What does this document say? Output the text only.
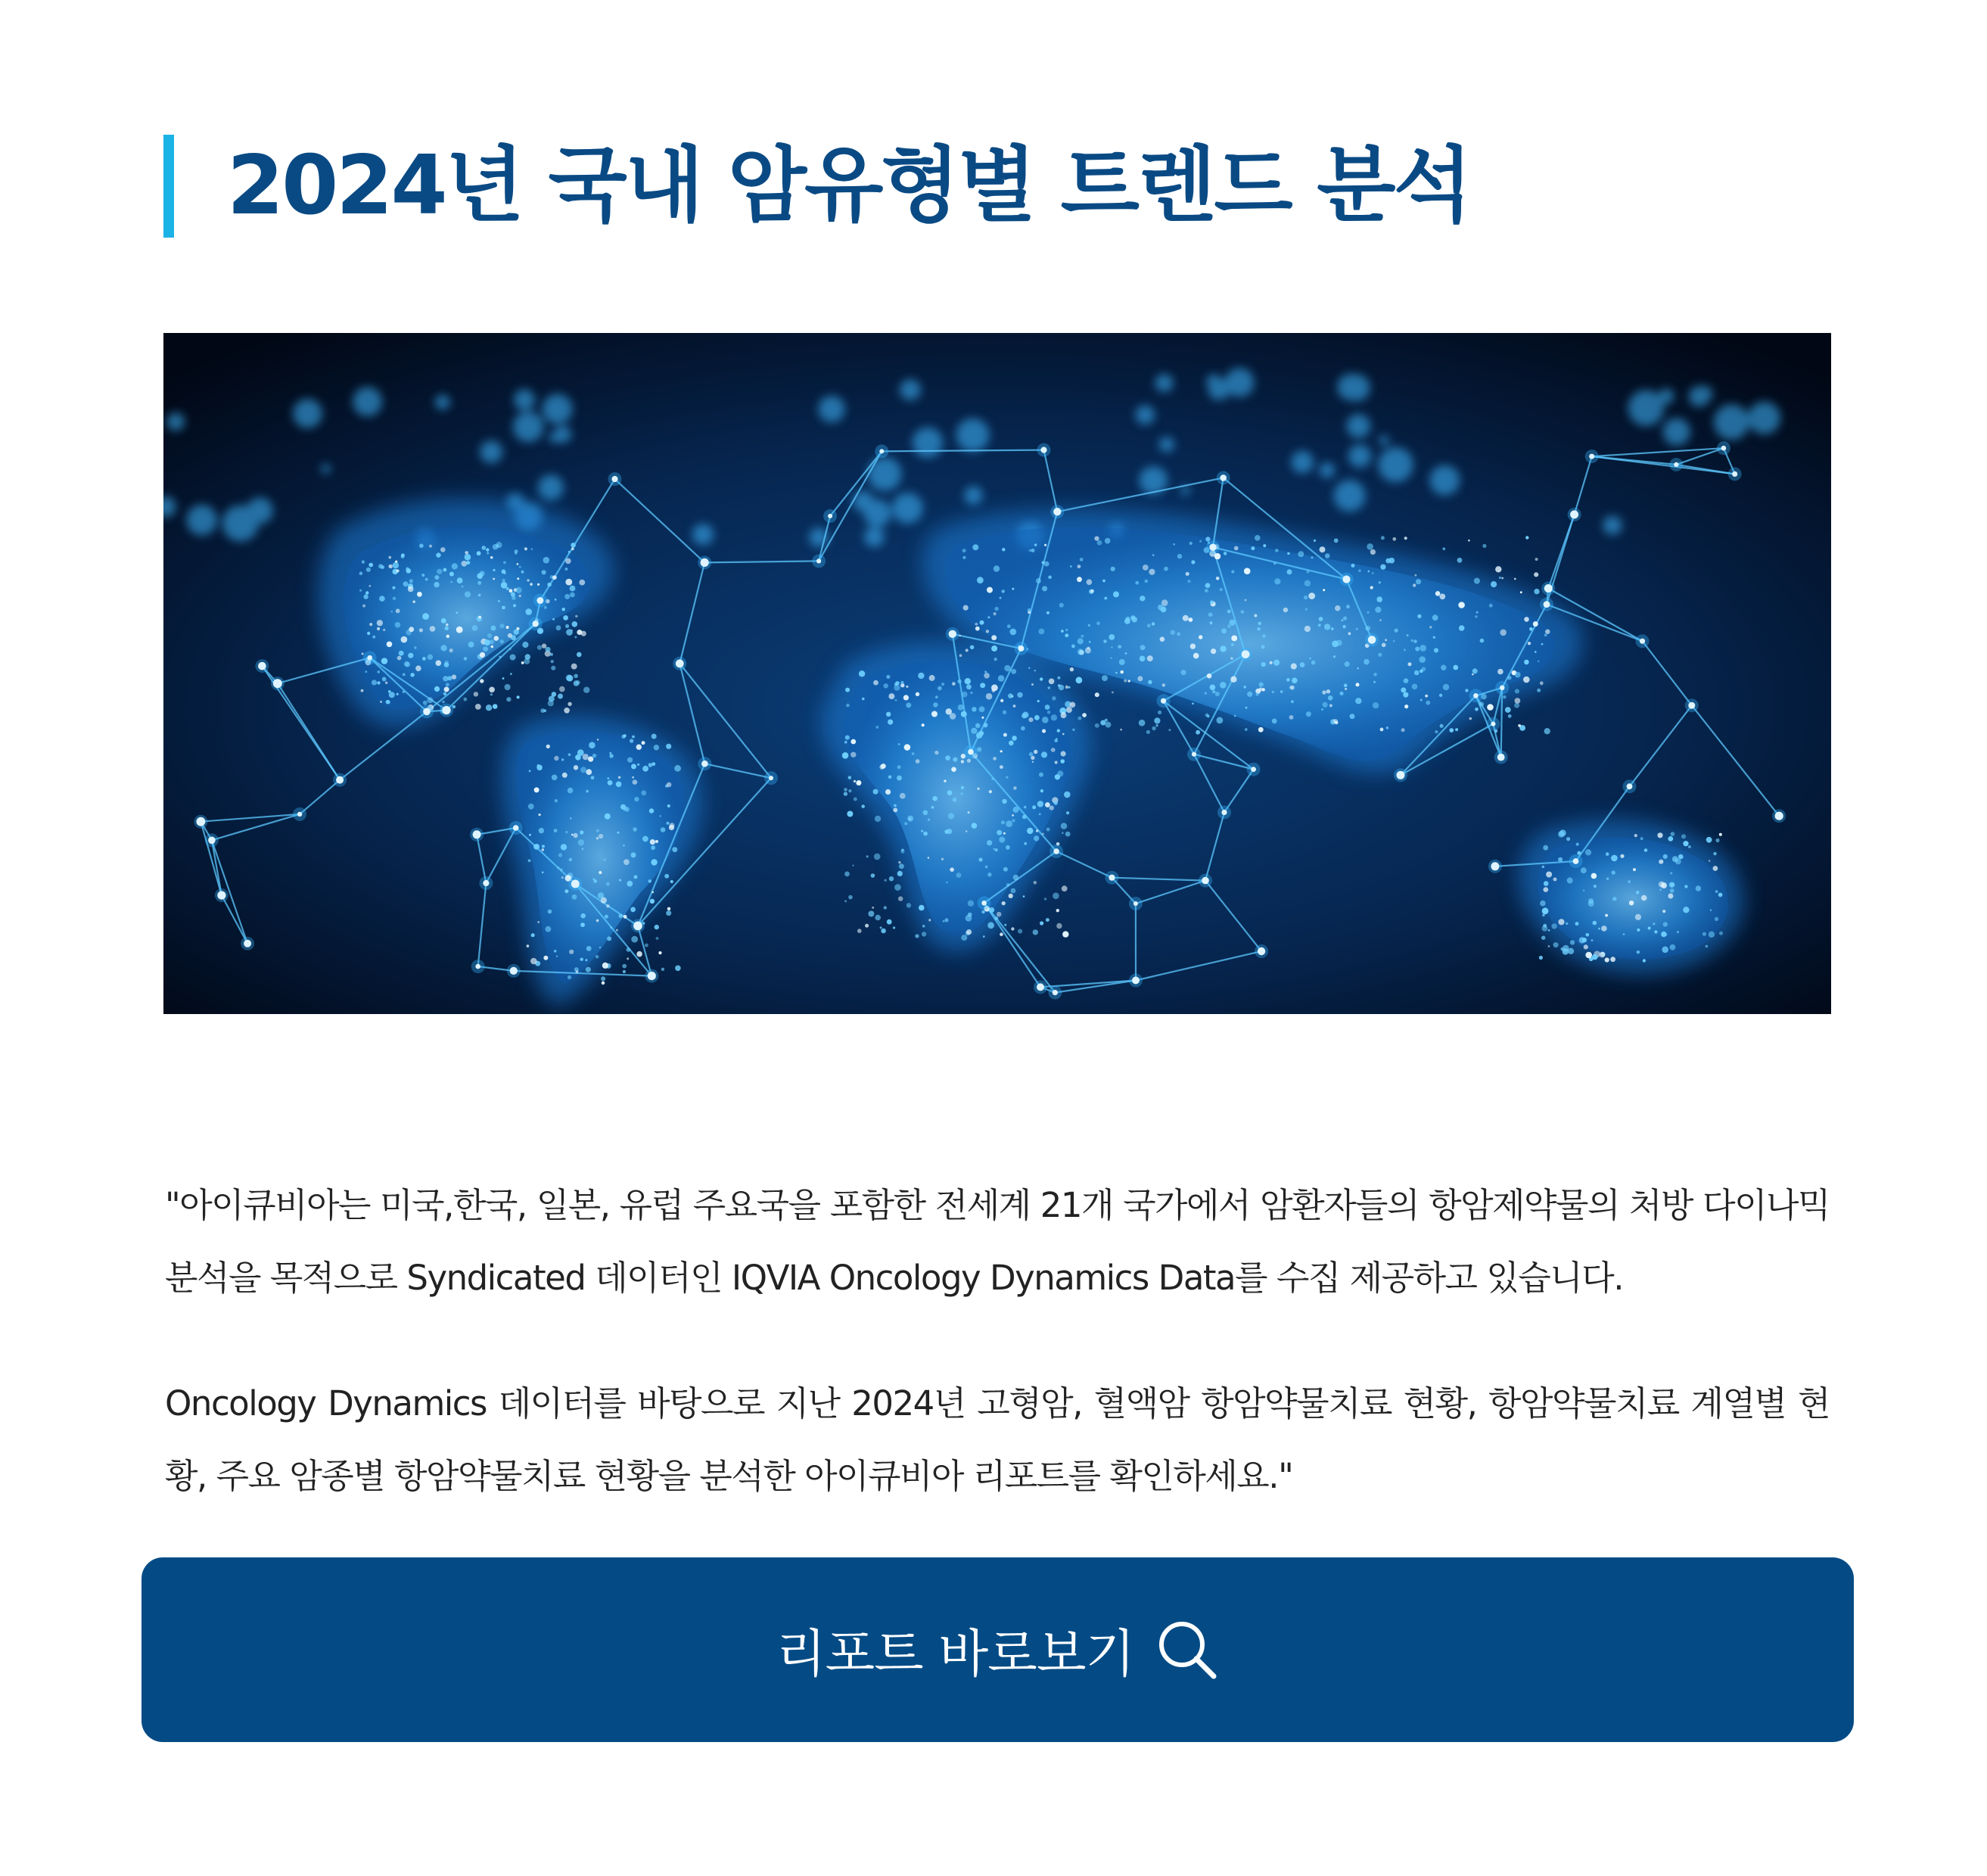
2024년 국내 암유형별 트렌드 분석

"아이큐비아는 미국,한국, 일본, 유럽 주요국을 포함한 전세계 21개 국가에서 암환자들의 항암제약물의 처방 다이나믹 분석을 목적으로 Syndicated 데이터인 IQVIA Oncology Dynamics Data를 수집 제공하고 있습니다.

Oncology Dynamics 데이터를 바탕으로 지난 2024년 고형암, 혈액암 항암약물치료 현황, 항암약물치료 계열별 현황, 주요 암종별 항암약물치료 현황을 분석한 아이큐비아 리포트를 확인하세요."

리포트 바로보기
